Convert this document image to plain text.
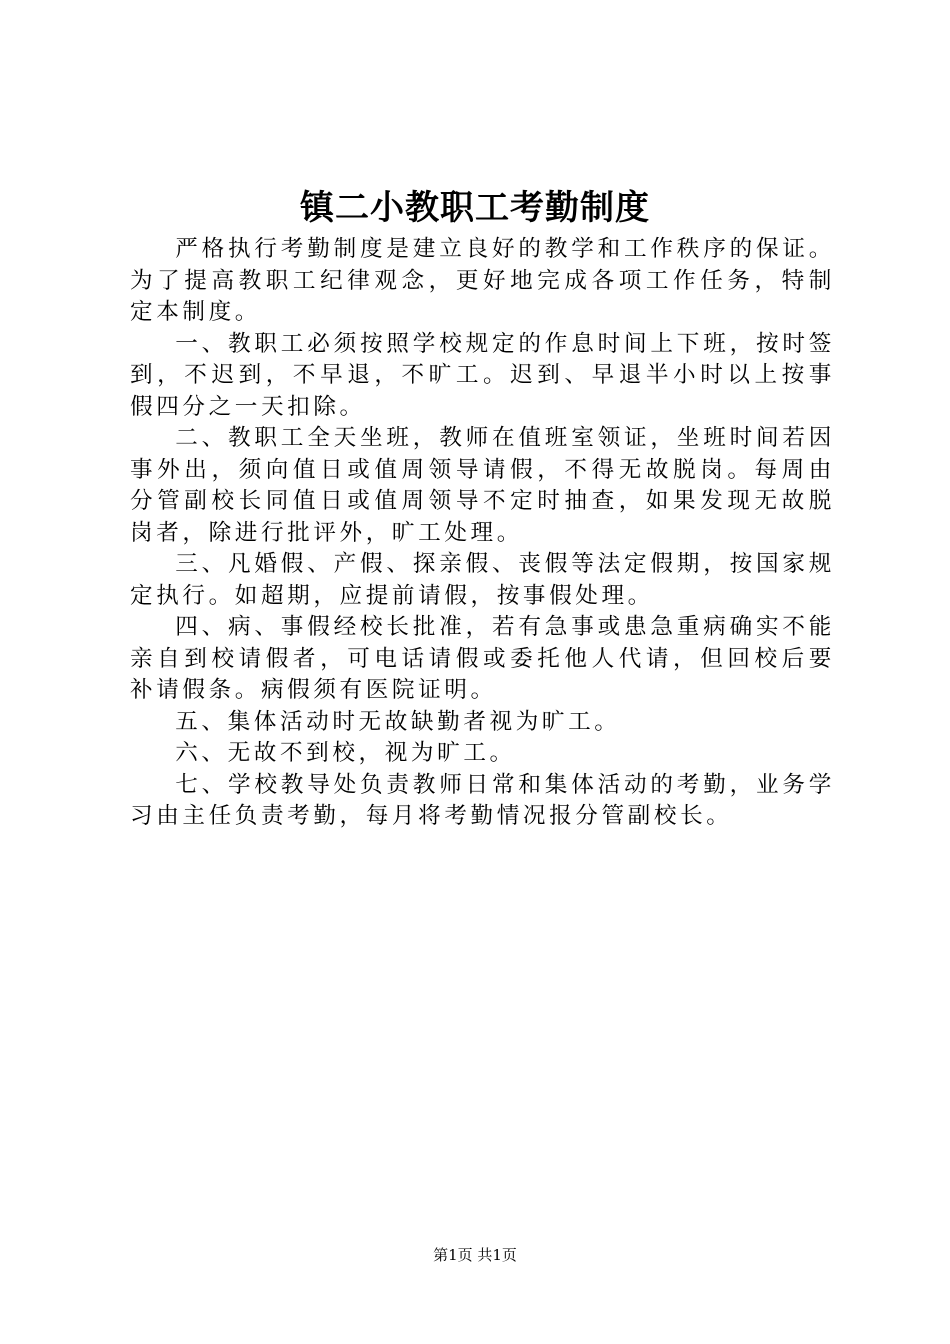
镇二小教职工考勤制度

严格执行考勤制度是建立良好的教学和工作秩序的保证。为了提高教职工纪律观念，更好地完成各项工作任务，特制定本制度。

一、教职工必须按照学校规定的作息时间上下班，按时签到，不迟到，不早退，不旷工。迟到、早退半小时以上按事假四分之一天扣除。

二、教职工全天坐班，教师在值班室领证，坐班时间若因事外出，须向值日或值周领导请假，不得无故脱岗。每周由分管副校长同值日或值周领导不定时抽查，如果发现无故脱岗者，除进行批评外，旷工处理。

三、凡婚假、产假、探亲假、丧假等法定假期，按国家规定执行。如超期，应提前请假，按事假处理。

四、病、事假经校长批准，若有急事或患急重病确实不能亲自到校请假者，可电话请假或委托他人代请，但回校后要补请假条。病假须有医院证明。

五、集体活动时无故缺勤者视为旷工。

六、无故不到校，视为旷工。

七、学校教导处负责教师日常和集体活动的考勤，业务学习由主任负责考勤，每月将考勤情况报分管副校长。

第1页 共1页
